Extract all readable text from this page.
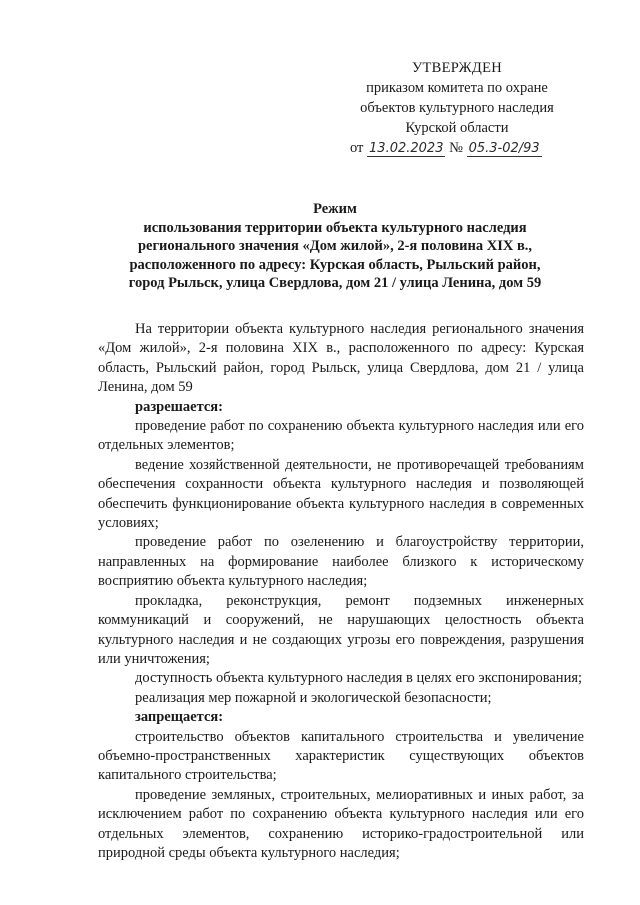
УТВЕРЖДЕН
приказом комитета по охране
объектов культурного наследия
Курской области
от 13.02.2023 № 05.3-02/93
Режим
использования территории объекта культурного наследия
регионального значения «Дом жилой», 2-я половина XIX в.,
расположенного по адресу: Курская область, Рыльский район,
город Рыльск, улица Свердлова, дом 21 / улица Ленина, дом 59

На территории объекта культурного наследия регионального значения «Дом жилой», 2-я половина XIX в., расположенного по адресу: Курская область, Рыльский район, город Рыльск, улица Свердлова, дом 21 / улица Ленина, дом 59

разрешается:

проведение работ по сохранению объекта культурного наследия или его отдельных элементов;

ведение хозяйственной деятельности, не противоречащей требованиям обеспечения сохранности объекта культурного наследия и позволяющей обеспечить функционирование объекта культурного наследия в современных условиях;

проведение работ по озеленению и благоустройству территории, направленных на формирование наиболее близкого к историческому восприятию объекта культурного наследия;

прокладка, реконструкция, ремонт подземных инженерных коммуникаций и сооружений, не нарушающих целостность объекта культурного наследия и не создающих угрозы его повреждения, разрушения или уничтожения;

доступность объекта культурного наследия в целях его экспонирования;

реализация мер пожарной и экологической безопасности;

запрещается:

строительство объектов капитального строительства и увеличение объемно-пространственных характеристик существующих объектов капитального строительства;

проведение земляных, строительных, мелиоративных и иных работ, за исключением работ по сохранению объекта культурного наследия или его отдельных элементов, сохранению историко-градостроительной или природной среды объекта культурного наследия;
